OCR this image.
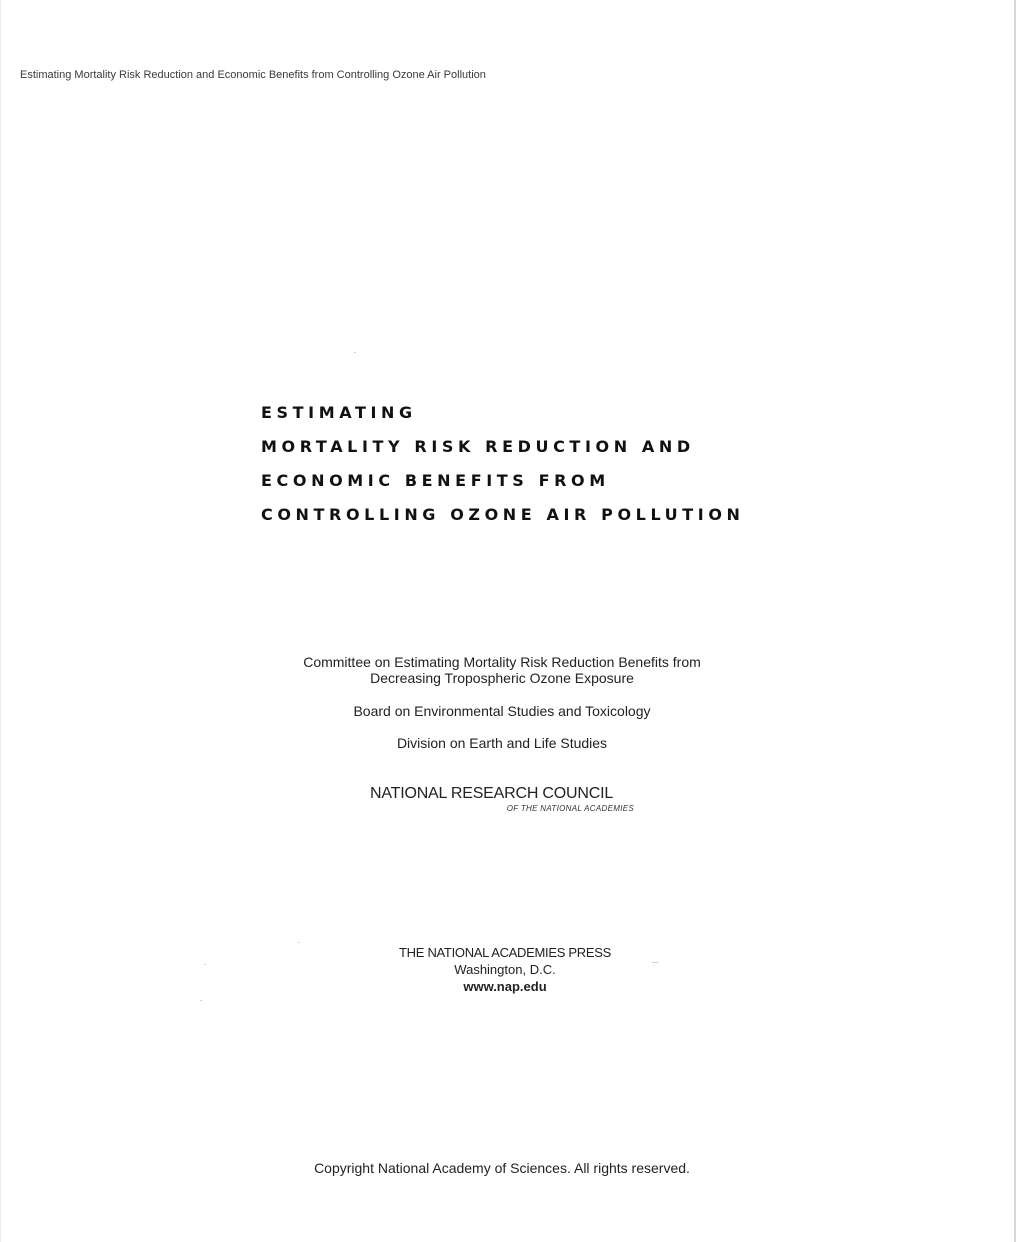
Estimating Mortality Risk Reduction and Economic Benefits from Controlling Ozone Air Pollution
ESTIMATING
MORTALITY RISK REDUCTION AND
ECONOMIC BENEFITS FROM
CONTROLLING OZONE AIR POLLUTION

Committee on Estimating Mortality Risk Reduction Benefits from
Decreasing Tropospheric Ozone Exposure

Board on Environmental Studies and Toxicology

Division on Earth and Life Studies

NATIONAL RESEARCH COUNCIL
OF THE NATIONAL ACADEMIES
THE NATIONAL ACADEMIES PRESS
Washington, D.C.
www.nap.edu
Copyright National Academy of Sciences. All rights reserved.
